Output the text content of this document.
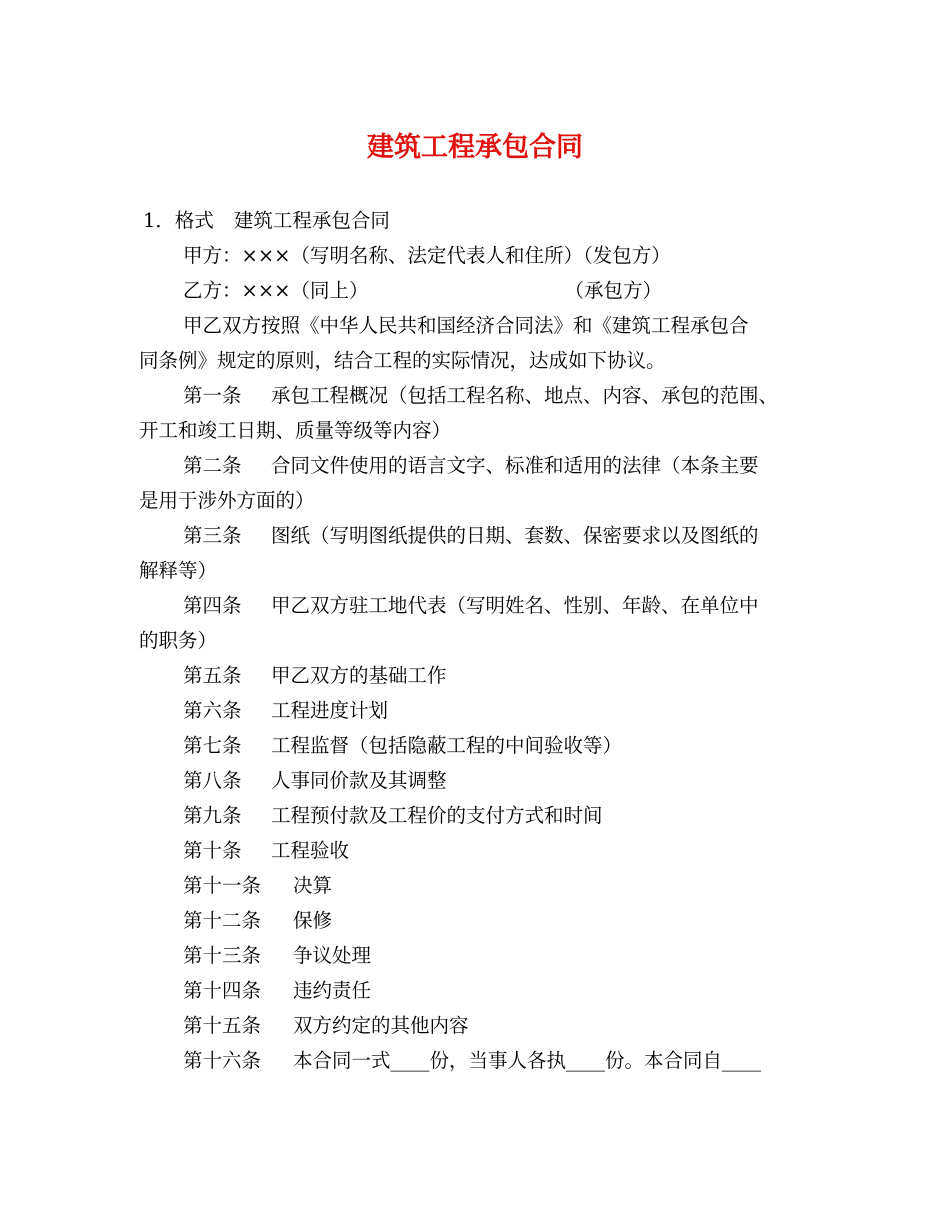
建筑工程承包合同
1．格式 建筑工程承包合同
甲方：×××（写明名称、法定代表人和住所）（发包方）
乙方：×××（同上）	（承包方）
甲乙双方按照《中华人民共和国经济合同法》和《建筑工程承包合
同条例》规定的原则，结合工程的实际情况，达成如下协议。
第一条 承包工程概况（包括工程名称、地点、内容、承包的范围、
开工和竣工日期、质量等级等内容）
第二条 合同文件使用的语言文字、标准和适用的法律（本条主要
是用于涉外方面的）
第三条 图纸（写明图纸提供的日期、套数、保密要求以及图纸的
解释等）
第四条 甲乙双方驻工地代表（写明姓名、性别、年龄、在单位中
的职务）
第五条 甲乙双方的基础工作
第六条 工程进度计划
第七条 工程监督（包括隐蔽工程的中间验收等）
第八条 人事同价款及其调整
第九条 工程预付款及工程价的支付方式和时间
第十条 工程验收
第十一条 决算
第十二条 保修
第十三条 争议处理
第十四条 违约责任
第十五条 双方约定的其他内容
第十六条 本合同一式____份，当事人各执____份。本合同自____
